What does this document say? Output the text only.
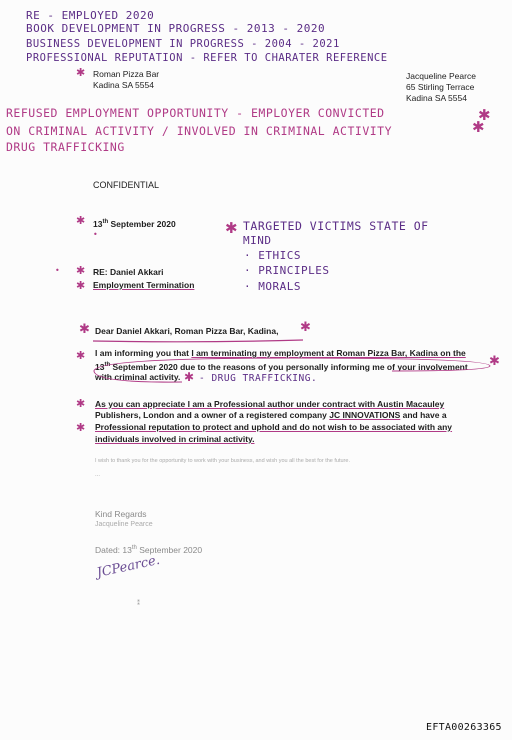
RE - EMPLOYED 2020
BOOK DEVELOPMENT IN PROGRESS - 2013 - 2020
BUSINESS DEVELOPMENT IN PROGRESS - 2004 - 2021
PROFESSIONAL REPUTATION - REFER TO CHARATER REFERENCE
✱ Roman Pizza Bar
Kadina SA 5554
Jacqueline Pearce
65 Stirling Terrace
Kadina SA 5554
REFUSED EMPLOYMENT OPPORTUNITY - EMPLOYER CONVICTED	✱
ON CRIMINAL ACTIVITY / INVOLVED IN CRIMINAL ACTIVITY	✱
DRUG TRAFFICKING
CONFIDENTIAL
✱ 13th September 2020
•	✱ TARGETED VICTIMS STATE OF
MIND
· ETHICS
· PRINCIPLES
· MORALS
• ✱ RE: Daniel Akkari
✱ Employment Termination
✱ Dear Daniel Akkari, Roman Pizza Bar, Kadina, ✱
✱ I am informing you that I am terminating my employment at Roman Pizza Bar, Kadina on the
13th September 2020 due to the reasons of you personally informing me of your involvement ✱
with criminal activity. ✱ - DRUG TRAFFICKING.
✱ As you can appreciate I am a Professional author under contract with Austin Macauley
Publishers, London and a owner of a registered company JC INNOVATIONS and have a
✱ Professional reputation to protect and uphold and do not wish to be associated with any
individuals involved in criminal activity.
I wish to thank you for the opportunity to work with your business, and wish you all the best for the future.
...
Kind Regards
Jacqueline Pearce
Dated: 13th September 2020
JCPearce.
⁑
EFTA00263365
